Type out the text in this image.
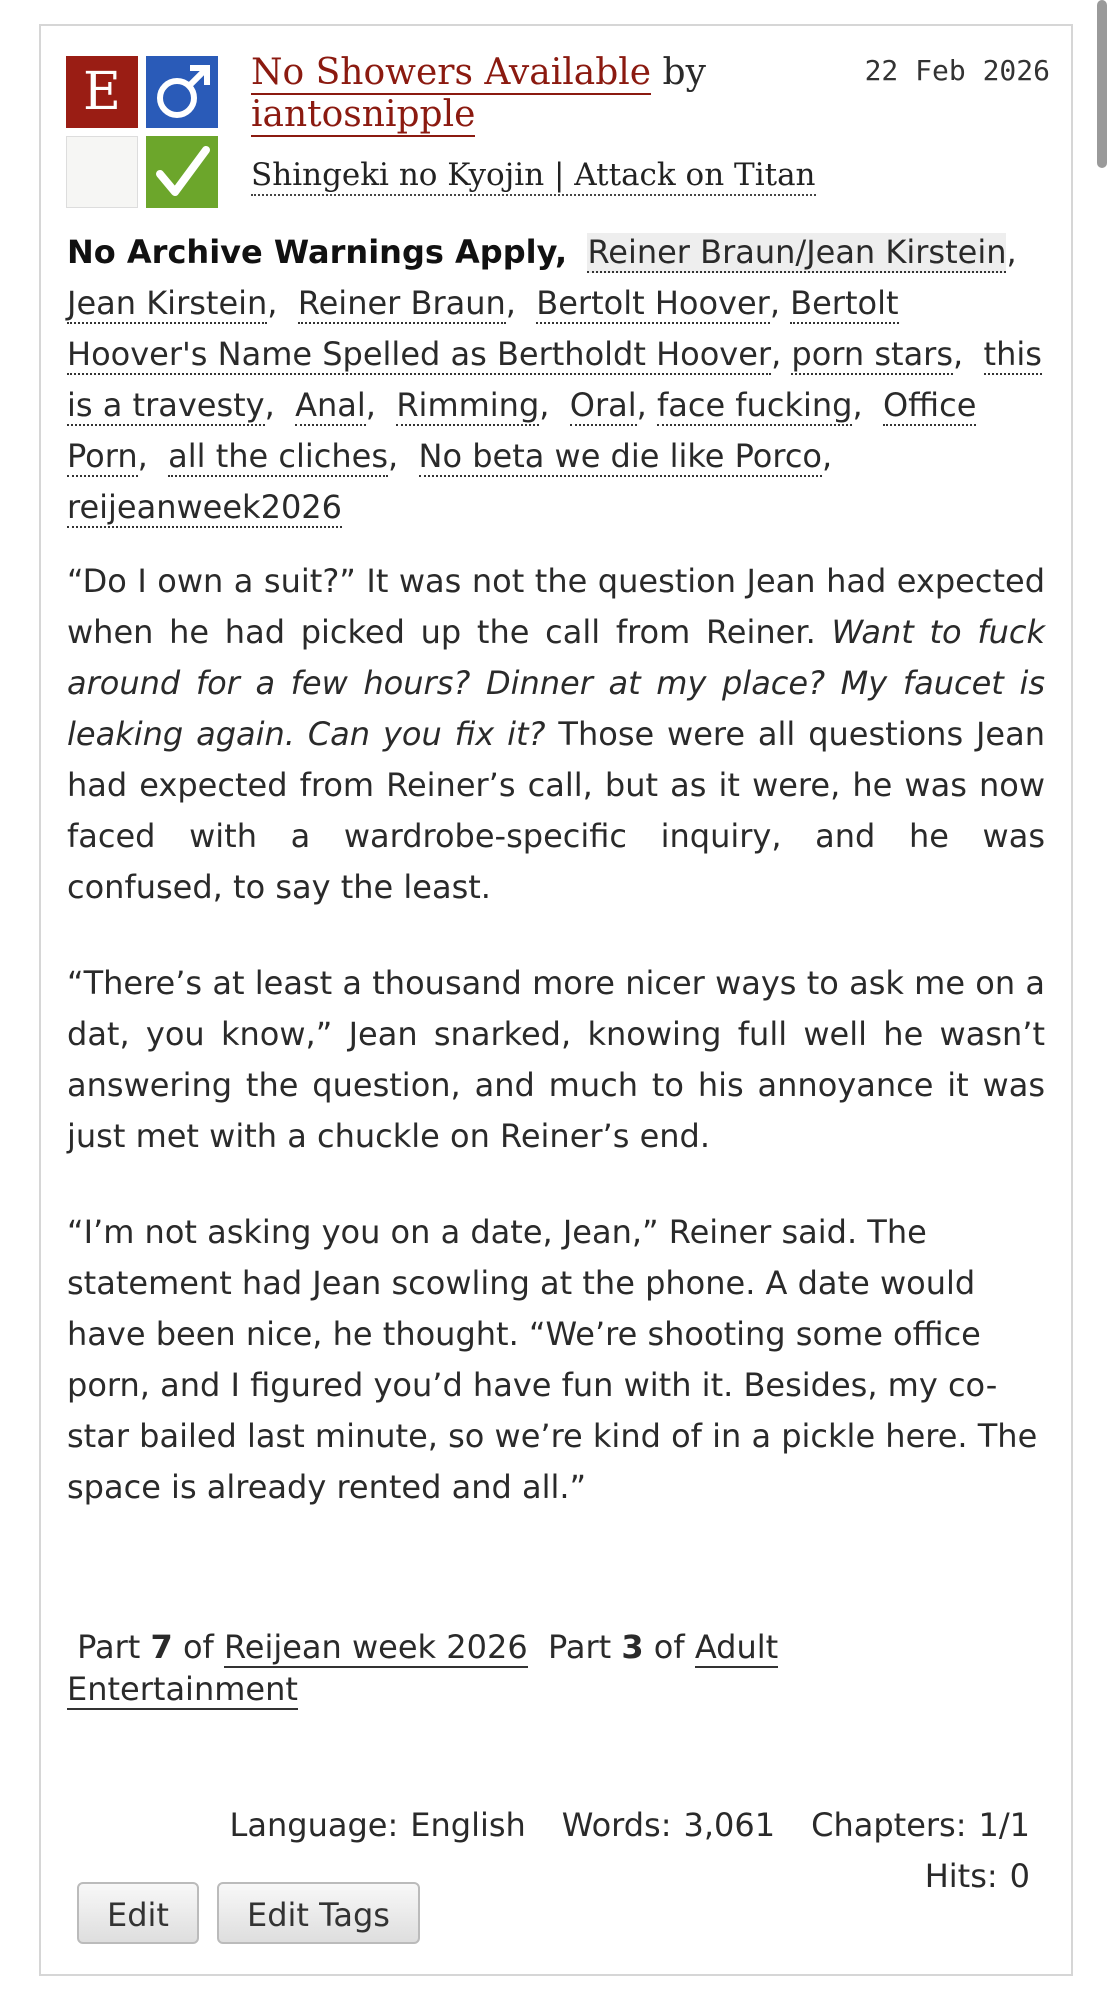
E	No Showers Available by iantosnipple
Shingeki no Kyojin | Attack on Titan
22 Feb 2026
No Archive Warnings Apply, Reiner Braun/Jean Kirstein,  Jean Kirstein,  Reiner Braun,  Bertolt Hoover, Bertolt Hoover's Name Spelled as Bertholdt Hoover, porn stars,  this is a travesty,  Anal,  Rimming,  Oral, face fucking,  Office Porn,  all the cliches,  No beta we die like Porco,  reijeanweek2026

“Do I own a suit?” It was not the question Jean had expected when he had picked up the call from Reiner. Want to fuck around for a few hours? Dinner at my place? My faucet is leaking again. Can you fix it? Those were all questions Jean had expected from Reiner’s call, but as it were, he was now faced with a wardrobe-specific inquiry, and he was confused, to say the least.

“There’s at least a thousand more nicer ways to ask me on a dat, you know,” Jean snarked, knowing full well he wasn’t answering the question, and much to his annoyance it was just met with a chuckle on Reiner’s end.

“I’m not asking you on a date, Jean,” Reiner said. The statement had Jean scowling at the phone. A date would have been nice, he thought. “We’re shooting some office porn, and I figured you’d have fun with it. Besides, my co-star bailed last minute, so we’re kind of in a pickle here. The space is already rented and all.”

Part 7 of Reijean week 2026 Part 3 of Adult Entertainment
Language: English Words: 3,061 Chapters: 1/1
Hits: 0
Edit Edit Tags
